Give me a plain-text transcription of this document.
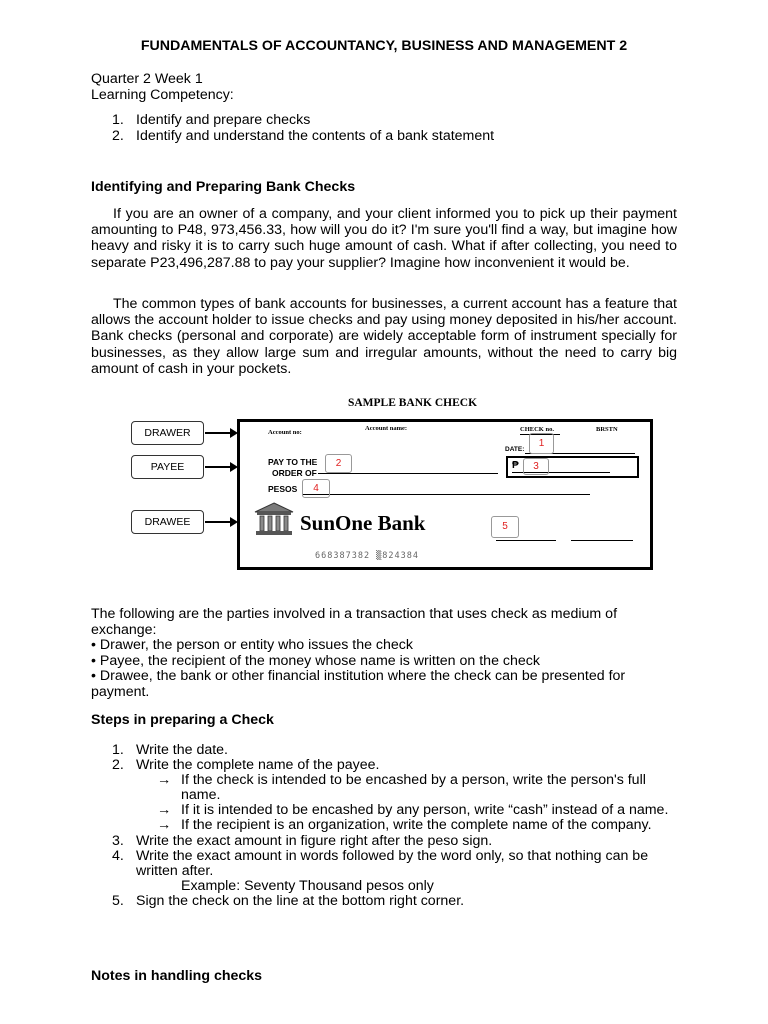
FUNDAMENTALS OF ACCOUNTANCY, BUSINESS AND MANAGEMENT 2

Quarter 2 Week 1

Learning Competency:

1. Identify and prepare checks
2. Identify and understand the contents of a bank statement
Identifying and Preparing Bank Checks

If you are an owner of a company, and your client informed you to pick up their payment amounting to P48, 973,456.33, how will you do it? I'm sure you'll find a way, but imagine how heavy and risky it is to carry such huge amount of cash. What if after collecting, you need to separate P23,496,287.88 to pay your supplier? Imagine how inconvenient it would be.

The common types of bank accounts for businesses, a current account has a feature that allows the account holder to issue checks and pay using money deposited in his/her account. Bank checks (personal and corporate) are widely acceptable form of instrument specially for businesses, as they allow large sum and irregular amounts, without the need to carry big amount of cash in your pockets.

SAMPLE BANK CHECK
DRAWER
PAYEE
DRAWEE
Account no:
Account name:	CHECK no.	BRSTN
DATE:
1
PAY TO THE
ORDER OF
2	₱	3
PESOS	4
SunOne Bank	5
668387382 ▒824384

The following are the parties involved in a transaction that uses check as medium of exchange:

• Drawer, the person or entity who issues the check

• Payee, the recipient of the money whose name is written on the check

• Drawee, the bank or other financial institution where the check can be presented for payment.

Steps in preparing a Check
1. Write the date.
2. Write the complete name of the payee.
→ If the check is intended to be encashed by a person, write the person's full name.
→ If it is intended to be encashed by any person, write “cash” instead of a name.
→ If the recipient is an organization, write the complete name of the company.
3. Write the exact amount in figure right after the peso sign.
4. Write the exact amount in words followed by the word only, so that nothing can be written after.
Example: Seventy Thousand pesos only
5. Sign the check on the line at the bottom right corner.
Notes in handling checks
